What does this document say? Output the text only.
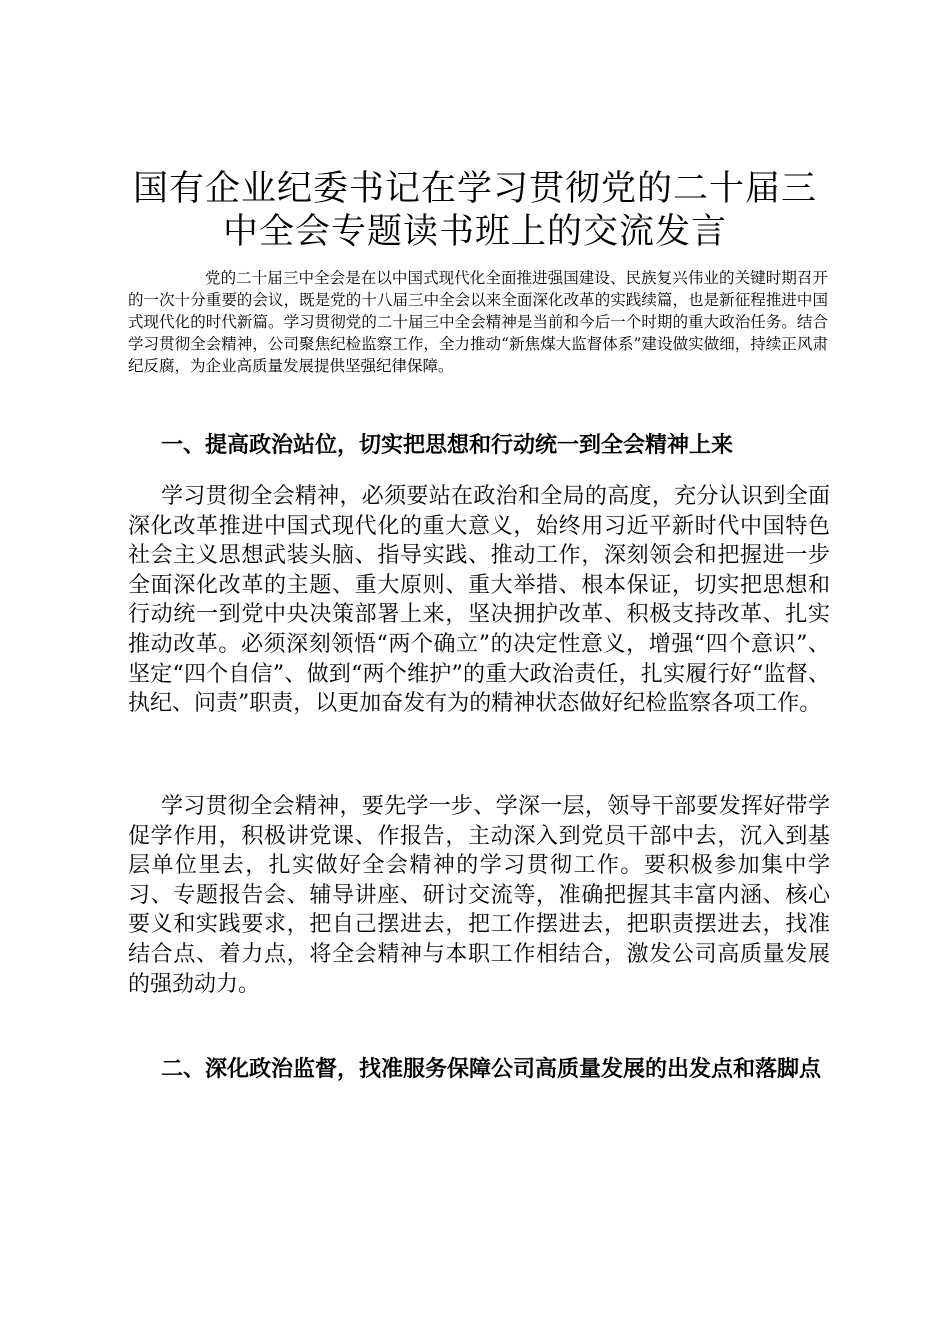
国有企业纪委书记在学习贯彻党的二十届三中全会专题读书班上的交流发言

党的二十届三中全会是在以中国式现代化全面推进强国建设、民族复兴伟业的关键时期召开的一次十分重要的会议，既是党的十八届三中全会以来全面深化改革的实践续篇，也是新征程推进中国式现代化的时代新篇。学习贯彻党的二十届三中全会精神是当前和今后一个时期的重大政治任务。结合学习贯彻全会精神，公司聚焦纪检监察工作，全力推动“新焦煤大监督体系”建设做实做细，持续正风肃纪反腐，为企业高质量发展提供坚强纪律保障。

一、提高政治站位，切实把思想和行动统一到全会精神上来

学习贯彻全会精神，必须要站在政治和全局的高度，充分认识到全面深化改革推进中国式现代化的重大意义，始终用习近平新时代中国特色社会主义思想武装头脑、指导实践、推动工作，深刻领会和把握进一步全面深化改革的主题、重大原则、重大举措、根本保证，切实把思想和行动统一到党中央决策部署上来，坚决拥护改革、积极支持改革、扎实推动改革。必须深刻领悟“两个确立”的决定性意义，增强“四个意识”、坚定“四个自信”、做到“两个维护”的重大政治责任，扎实履行好“监督、执纪、问责”职责，以更加奋发有为的精神状态做好纪检监察各项工作。

学习贯彻全会精神，要先学一步、学深一层，领导干部要发挥好带学促学作用，积极讲党课、作报告，主动深入到党员干部中去，沉入到基层单位里去，扎实做好全会精神的学习贯彻工作。要积极参加集中学习、专题报告会、辅导讲座、研讨交流等，准确把握其丰富内涵、核心要义和实践要求，把自己摆进去，把工作摆进去，把职责摆进去，找准结合点、着力点，将全会精神与本职工作相结合，激发公司高质量发展的强劲动力。

二、深化政治监督，找准服务保障公司高质量发展的出发点和落脚点
